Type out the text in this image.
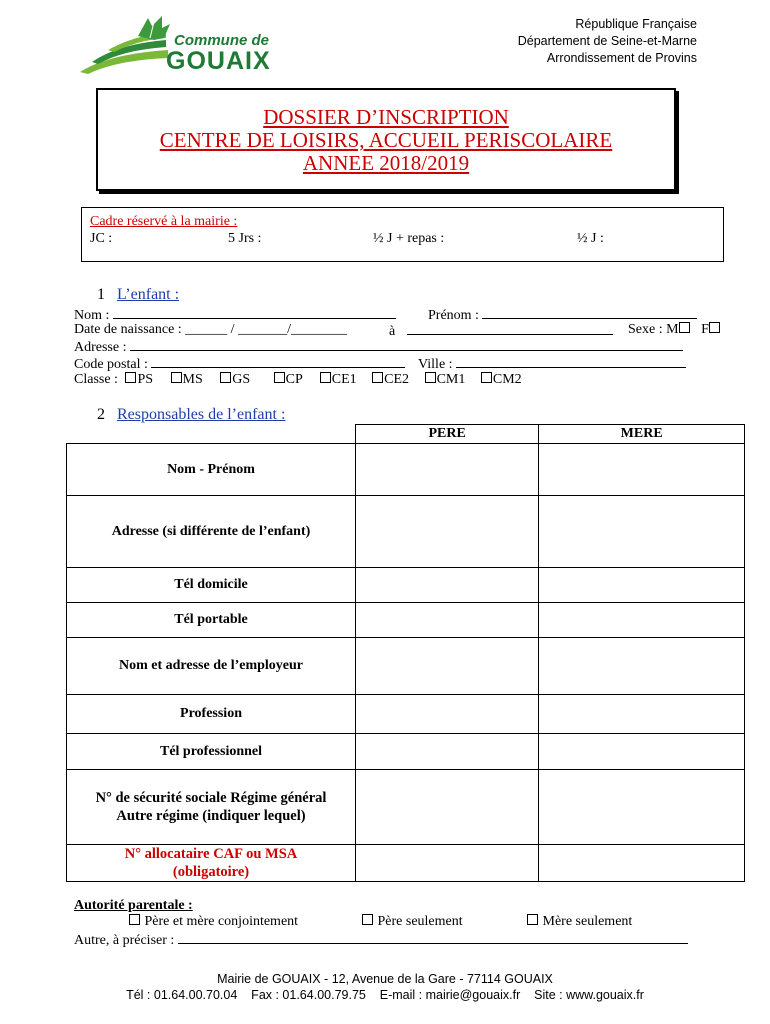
Commune de
GOUAIX
République Française
Département de Seine-et-Marne
Arrondissement de Provins
DOSSIER D’INSCRIPTION
CENTRE DE LOISIRS, ACCUEIL PERISCOLAIRE
ANNEE 2018/2019
Cadre réservé à la mairie :
JC :	5 Jrs :	½ J + repas :	½ J :
1 L’enfant :
Nom :	Prénom :
Date de naissance : ______ / _______/________	à	Sexe : M F
Adresse :
Code postal :	Ville :
Classe : PS MS GS	CP CE1 CE2 CM1 CM2
2 Responsables de l’enfant :
	PERE	MERE
Nom - Prénom		
Adresse (si différente de l’enfant)		
Tél domicile		
Tél portable		
Nom et adresse de l’employeur		
Profession		
Tél professionnel		
N° de sécurité sociale Régime général Autre régime (indiquer lequel)		
N° allocataire CAF ou MSA (obligatoire)		
Autorité parentale :
Père et mère conjointement	Père seulement	Mère seulement
Autre, à préciser :
Mairie de GOUAIX - 12, Avenue de la Gare - 77114 GOUAIX
Tél : 01.64.00.70.04    Fax : 01.64.00.79.75    E-mail : mairie@gouaix.fr    Site : www.gouaix.fr
